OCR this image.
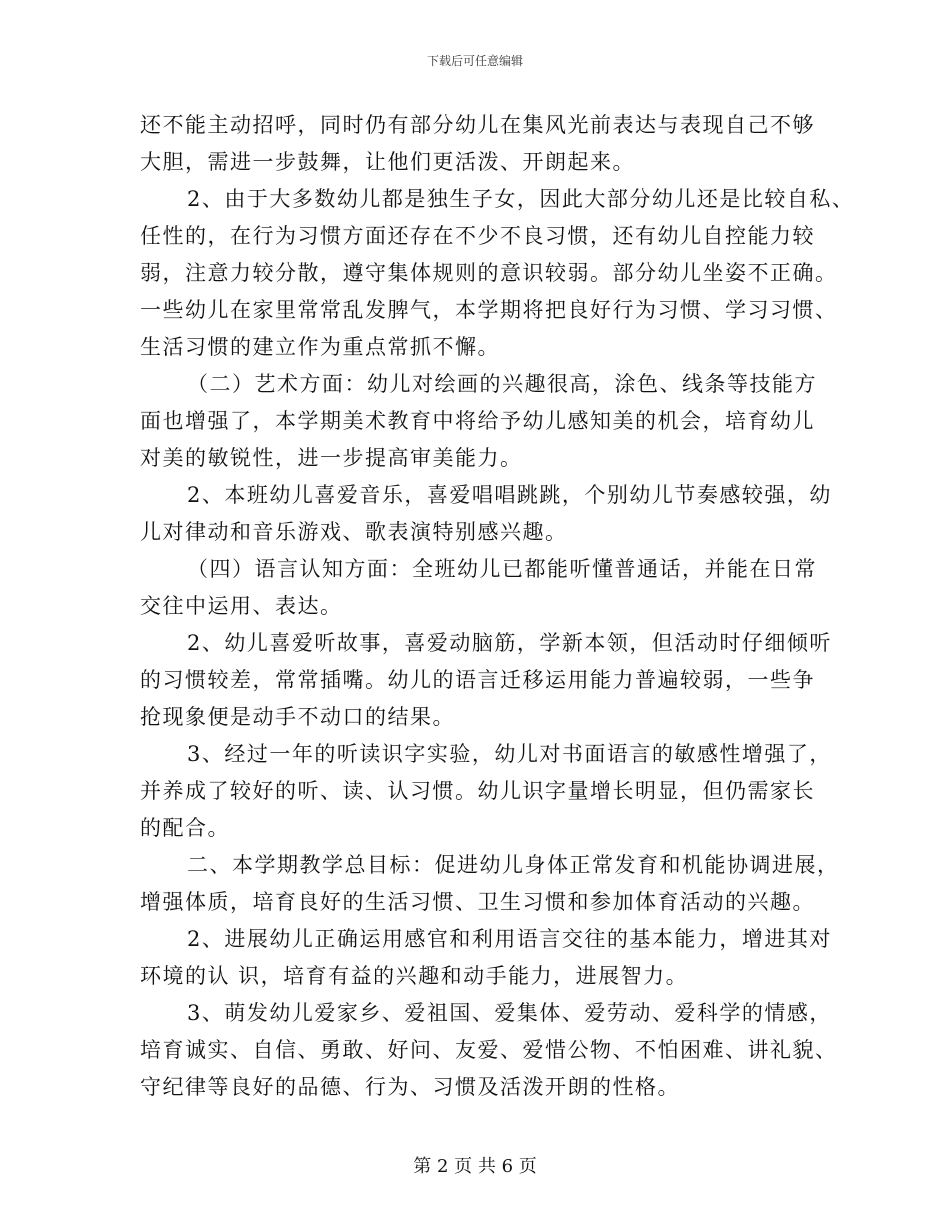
下载后可任意编辑
还不能主动招呼，同时仍有部分幼儿在集风光前表达与表现自己不够
大胆，需进一步鼓舞，让他们更活泼、开朗起来。
2、由于大多数幼儿都是独生子女，因此大部分幼儿还是比较自私、
任性的，在行为习惯方面还存在不少不良习惯，还有幼儿自控能力较
弱，注意力较分散，遵守集体规则的意识较弱。部分幼儿坐姿不正确。
一些幼儿在家里常常乱发脾气，本学期将把良好行为习惯、学习习惯、
生活习惯的建立作为重点常抓不懈。
（二）艺术方面：幼儿对绘画的兴趣很高，涂色、线条等技能方
面也增强了，本学期美术教育中将给予幼儿感知美的机会，培育幼儿
对美的敏锐性，进一步提高审美能力。
2、本班幼儿喜爱音乐，喜爱唱唱跳跳，个别幼儿节奏感较强，幼
儿对律动和音乐游戏、歌表演特别感兴趣。
（四）语言认知方面：全班幼儿已都能听懂普通话，并能在日常
交往中运用、表达。
2、幼儿喜爱听故事，喜爱动脑筋，学新本领，但活动时仔细倾听
的习惯较差，常常插嘴。幼儿的语言迁移运用能力普遍较弱，一些争
抢现象便是动手不动口的结果。
3、经过一年的听读识字实验，幼儿对书面语言的敏感性增强了，
并养成了较好的听、读、认习惯。幼儿识字量增长明显，但仍需家长
的配合。
二、本学期教学总目标：促进幼儿身体正常发育和机能协调进展，
增强体质，培育良好的生活习惯、卫生习惯和参加体育活动的兴趣。
2、进展幼儿正确运用感官和利用语言交往的基本能力，增进其对
环境的认 识，培育有益的兴趣和动手能力，进展智力。
3、萌发幼儿爱家乡、爱祖国、爱集体、爱劳动、爱科学的情感，
培育诚实、自信、勇敢、好问、友爱、爱惜公物、不怕困难、讲礼貌、
守纪律等良好的品德、行为、习惯及活泼开朗的性格。
第 2 页 共 6 页
